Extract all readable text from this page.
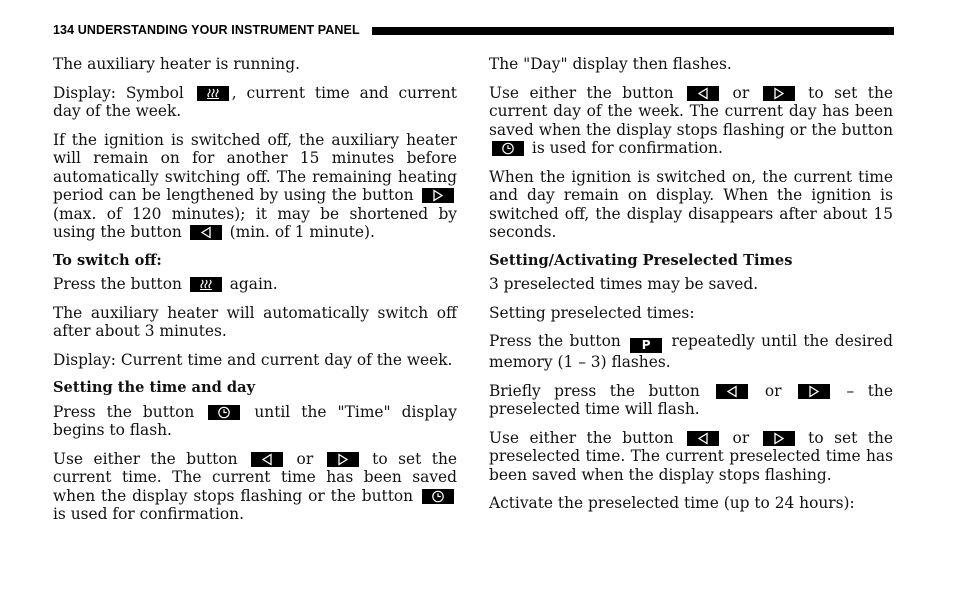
134 UNDERSTANDING YOUR INSTRUMENT PANEL

The auxiliary heater is running.

Display: Symbol	, current time and current day of the week.

If the ignition is switched off, the auxiliary heater will remain on for another 15 minutes before automatically switching off. The remaining heating period can be lengthened by using the button
(max. of 120 minutes); it may be shortened by using the button	(min. of 1 minute).

To switch off:

Press the button	again.

The auxiliary heater will automatically switch off after about 3 minutes.

Display: Current time and current day of the week.

Setting the time and day

Press the button	until the "Time" display begins to flash.

Use either the button	or	to set the current time. The current time has been saved when the display stops flashing or the button
is used for confirmation.

The "Day" display then flashes.

Use either the button	or	to set the current day of the week. The current day has been saved when the display stops flashing or the button
is used for confirmation.

When the ignition is switched on, the current time and day remain on display. When the ignition is switched off, the display disappears after about 15 seconds.

Setting/Activating Preselected Times

3 preselected times may be saved.

Setting preselected times:

Press the button P repeatedly until the desired memory (1 – 3) flashes.

Briefly press the button	or	– the preselected time will flash.

Use either the button	or	to set the preselected time. The current preselected time has been saved when the display stops flashing.

Activate the preselected time (up to 24 hours):
